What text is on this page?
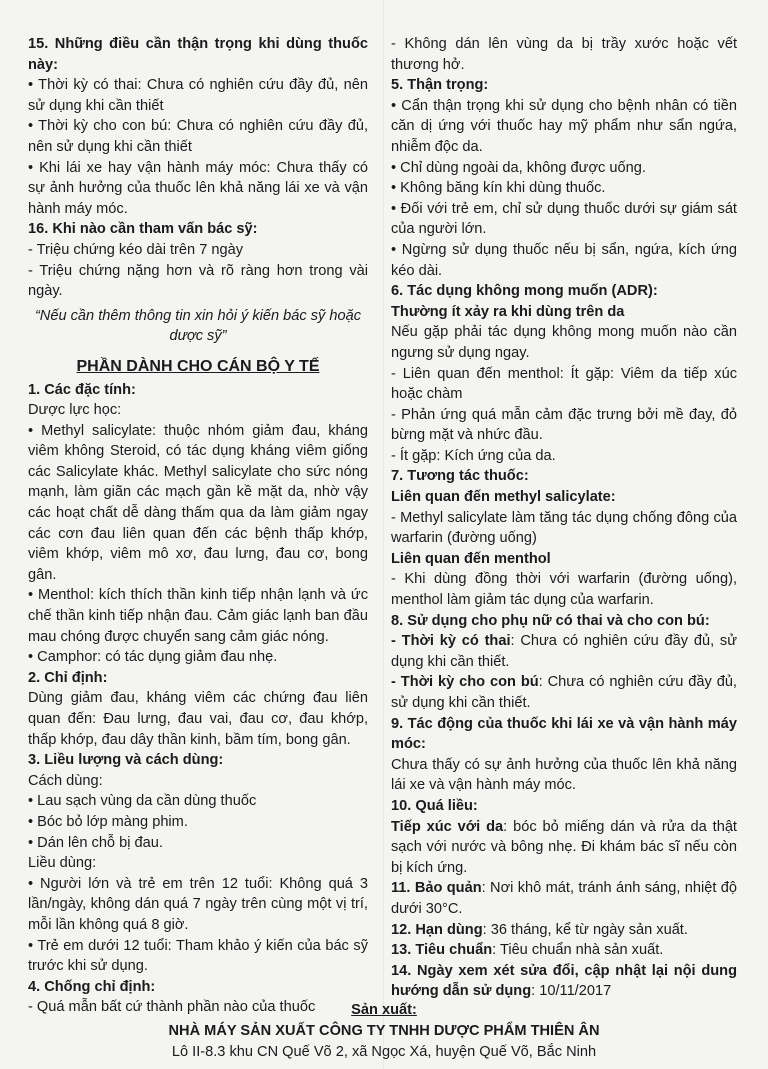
15. Những điều cần thận trọng khi dùng thuốc này:
• Thời kỳ có thai: Chưa có nghiên cứu đầy đủ, nên sử dụng khi cần thiết
• Thời kỳ cho con bú: Chưa có nghiên cứu đầy đủ, nên sử dụng khi cần thiết
• Khi lái xe hay vận hành máy móc: Chưa thấy có sự ảnh hưởng của thuốc lên khả năng lái xe và vận hành máy móc.
16. Khi nào cần tham vấn bác sỹ:
- Triệu chứng kéo dài trên 7 ngày
- Triệu chứng nặng hơn và rõ ràng hơn trong vài ngày.
“Nếu cần thêm thông tin xin hỏi ý kiến bác sỹ hoặc dược sỹ”
PHẦN DÀNH CHO CÁN BỘ Y TẾ
1. Các đặc tính:
Dược lực học:
• Methyl salicylate: thuộc nhóm giảm đau, kháng viêm không Steroid, có tác dụng kháng viêm giống các Salicylate khác. Methyl salicylate cho sức nóng mạnh, làm giãn các mạch gần kề mặt da, nhờ vậy các hoạt chất dễ dàng thấm qua da làm giảm ngay các cơn đau liên quan đến các bệnh thấp khớp, viêm khớp, viêm mô xơ, đau lưng, đau cơ, bong gân.
• Menthol: kích thích thần kinh tiếp nhận lạnh và ức chế thần kinh tiếp nhận đau. Cảm giác lạnh ban đầu mau chóng được chuyển sang cảm giác nóng.
• Camphor: có tác dụng giảm đau nhẹ.
2. Chỉ định:
Dùng giảm đau, kháng viêm các chứng đau liên quan đến: Đau lưng, đau vai, đau cơ, đau khớp, thấp khớp, đau dây thần kinh, bầm tím, bong gân.
3. Liều lượng và cách dùng:
Cách dùng:
• Lau sạch vùng da cần dùng thuốc
• Bóc bỏ lớp màng phim.
• Dán lên chỗ bị đau.
Liều dùng:
• Người lớn và trẻ em trên 12 tuổi: Không quá 3 lần/ngày, không dán quá 7 ngày trên cùng một vị trí, mỗi lần không quá 8 giờ.
• Trẻ em dưới 12 tuổi: Tham khảo ý kiến của bác sỹ trước khi sử dụng.
4. Chống chỉ định:
- Quá mẫn bất cứ thành phần nào của thuốc
- Không dán lên vùng da bị trầy xước hoặc vết thương hở.
5. Thận trọng:
• Cẩn thận trọng khi sử dụng cho bệnh nhân có tiền căn dị ứng với thuốc hay mỹ phẩm như sẩn ngứa, nhiễm độc da.
• Chỉ dùng ngoài da, không được uống.
• Không băng kín khi dùng thuốc.
• Đối với trẻ em, chỉ sử dụng thuốc dưới sự giám sát của người lớn.
• Ngừng sử dụng thuốc nếu bị sẩn, ngứa, kích ứng kéo dài.
6. Tác dụng không mong muốn (ADR):
Thường ít xảy ra khi dùng trên da
Nếu gặp phải tác dụng không mong muốn nào cần ngưng sử dụng ngay.
- Liên quan đến menthol: Ít gặp: Viêm da tiếp xúc hoặc chàm
- Phản ứng quá mẫn cảm đặc trưng bởi mề đay, đỏ bừng mặt và nhức đầu.
- Ít gặp: Kích ứng của da.
7. Tương tác thuốc:
Liên quan đến methyl salicylate:
- Methyl salicylate làm tăng tác dụng chống đông của warfarin (đường uống)
Liên quan đến menthol
- Khi dùng đồng thời với warfarin (đường uống), menthol làm giảm tác dụng của warfarin.
8. Sử dụng cho phụ nữ có thai và cho con bú:
- Thời kỳ có thai: Chưa có nghiên cứu đầy đủ, sử dụng khi cần thiết.
- Thời kỳ cho con bú: Chưa có nghiên cứu đầy đủ, sử dụng khi cần thiết.
9. Tác động của thuốc khi lái xe và vận hành máy móc:
Chưa thấy có sự ảnh hưởng của thuốc lên khả năng lái xe và vận hành máy móc.
10. Quá liều:
Tiếp xúc với da: bóc bỏ miếng dán và rửa da thật sạch với nước và bông nhẹ. Đi khám bác sĩ nếu còn bị kích ứng.
11. Bảo quản: Nơi khô mát, tránh ánh sáng, nhiệt độ dưới 30°C.
12. Hạn dùng: 36 tháng, kể từ ngày sản xuất.
13. Tiêu chuẩn: Tiêu chuẩn nhà sản xuất.
14. Ngày xem xét sửa đổi, cập nhật lại nội dung hướng dẫn sử dụng: 10/11/2017
Sản xuất:
NHÀ MÁY SẢN XUẤT CÔNG TY TNHH DƯỢC PHẨM THIÊN ÂN
Lô II-8.3 khu CN Quế Võ 2, xã Ngọc Xá, huyện Quế Võ, Bắc Ninh
